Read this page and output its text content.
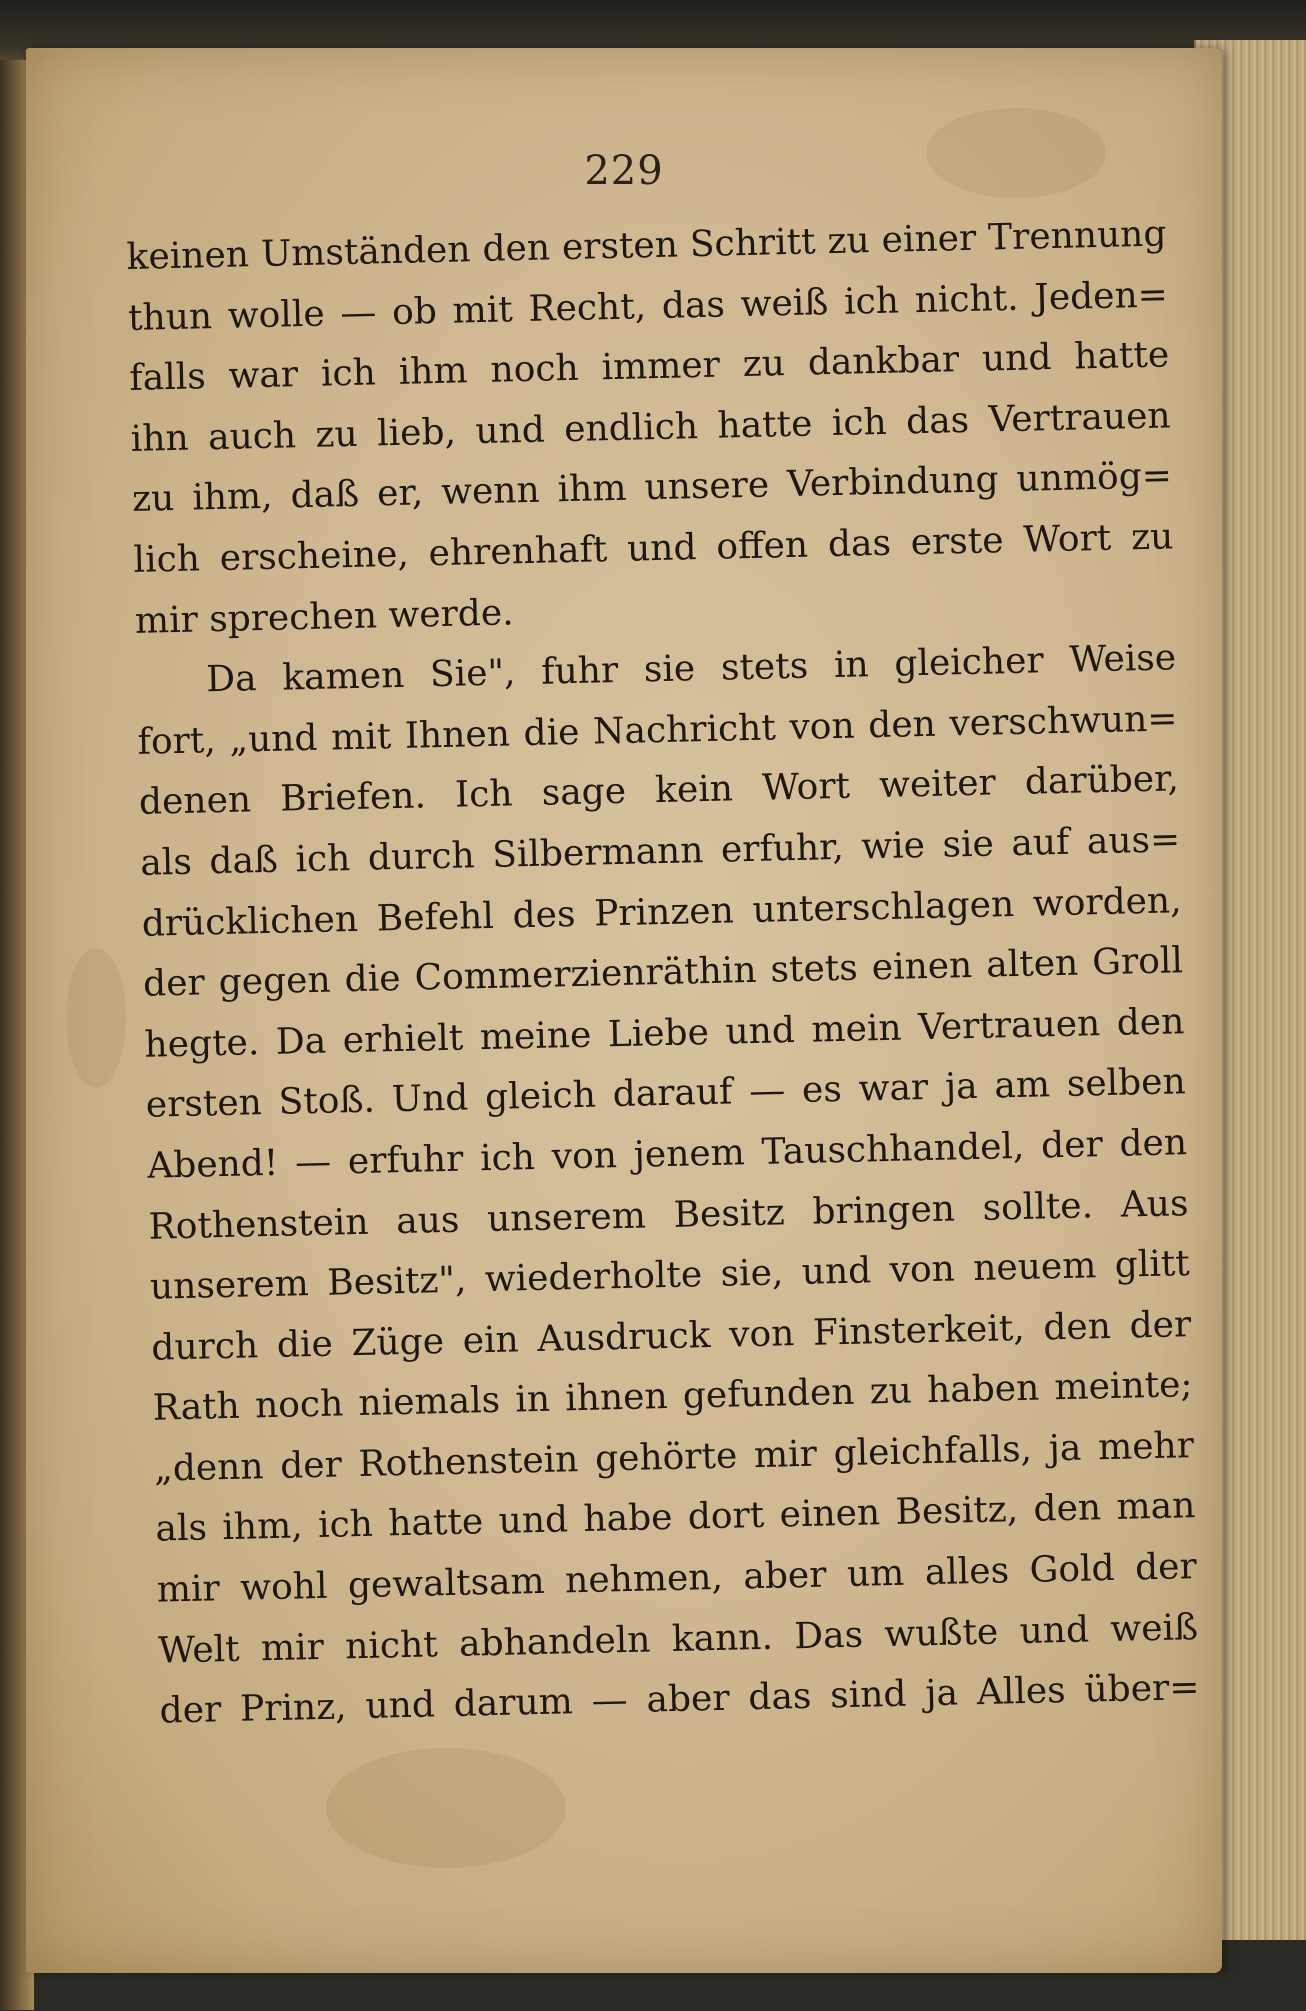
229
keinen Umständen den ersten Schritt zu einer Trennung
thun wolle — ob mit Recht, das weiß ich nicht. Jeden=
falls war ich ihm noch immer zu dankbar und hatte
ihn auch zu lieb, und endlich hatte ich das Vertrauen
zu ihm, daß er, wenn ihm unsere Verbindung unmög=
lich erscheine, ehrenhaft und offen das erste Wort zu
mir sprechen werde.
Da kamen Sie", fuhr sie stets in gleicher Weise
fort, „und mit Ihnen die Nachricht von den verschwun=
denen Briefen. Ich sage kein Wort weiter darüber,
als daß ich durch Silbermann erfuhr, wie sie auf aus=
drücklichen Befehl des Prinzen unterschlagen worden,
der gegen die Commerzienräthin stets einen alten Groll
hegte. Da erhielt meine Liebe und mein Vertrauen den
ersten Stoß. Und gleich darauf — es war ja am selben
Abend! — erfuhr ich von jenem Tauschhandel, der den
Rothenstein aus unserem Besitz bringen sollte. Aus
unserem Besitz", wiederholte sie, und von neuem glitt
durch die Züge ein Ausdruck von Finsterkeit, den der
Rath noch niemals in ihnen gefunden zu haben meinte;
„denn der Rothenstein gehörte mir gleichfalls, ja mehr
als ihm, ich hatte und habe dort einen Besitz, den man
mir wohl gewaltsam nehmen, aber um alles Gold der
Welt mir nicht abhandeln kann. Das wußte und weiß
der Prinz, und darum — aber das sind ja Alles über=
